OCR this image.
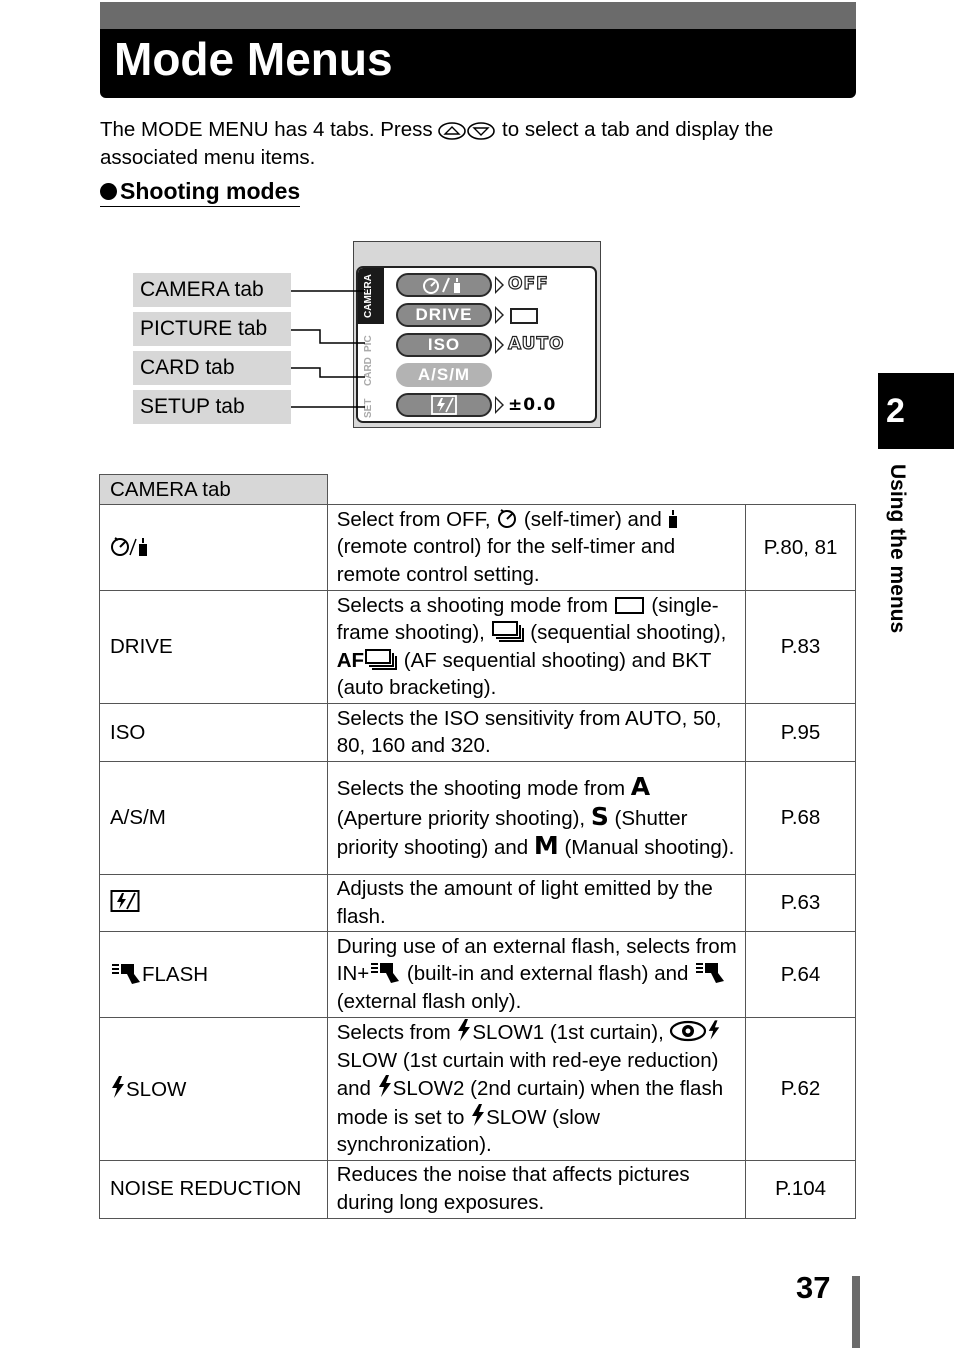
Mode Menus
The MODE MENU has 4 tabs. Press	to select a tab and display the associated menu items.
Shooting modes
CAMERA tab
PICTURE tab
CARD tab
SETUP tab
CAMERA
PIC
CARD
SET
OFF
DRIVE
ISO	AUTO
A/S/M
±0.0
CAMERA tab		
	Select from OFF,  (self-timer) and  (remote control) for the self-timer and remote control setting.	P.80, 81
DRIVE	Selects a shooting mode from  (single-frame shooting),  (sequential shooting), AF (AF sequential shooting) and BKT (auto bracketing).	P.83
ISO	Selects the ISO sensitivity from AUTO, 50, 80, 160 and 320.	P.95
A/S/M	Selects the shooting mode from A (Aperture priority shooting), S (Shutter priority shooting) and M (Manual shooting).	P.68
	Adjusts the amount of light emitted by the flash.	P.63
FLASH	During use of an external flash, selects from IN+ (built-in and external flash) and  (external flash only).	P.64
SLOW	Selects from SLOW1 (1st curtain), SLOW (1st curtain with red-eye reduction) and SLOW2 (2nd curtain) when the flash mode is set to SLOW (slow synchronization).	P.62
NOISE REDUCTION	Reduces the noise that affects pictures during long exposures.	P.104
2
Using the menus
37
